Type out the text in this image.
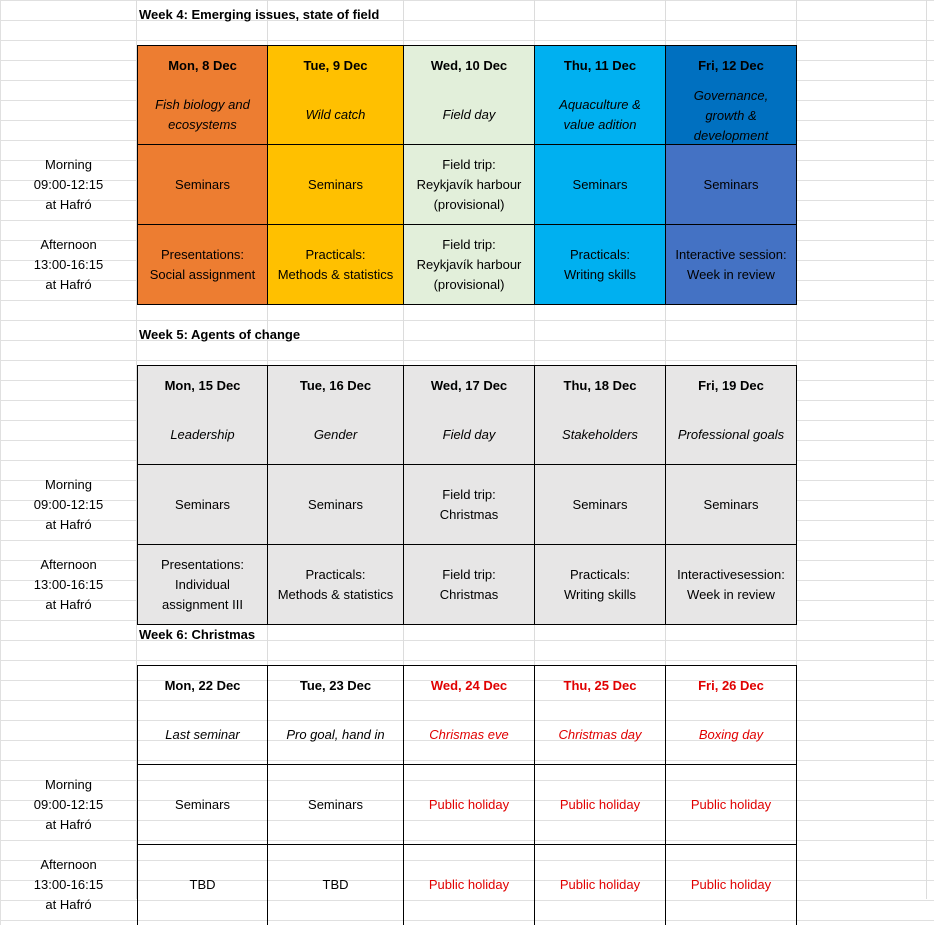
Week 4: Emerging issues, state of field
Morning
09:00-12:15
at Hafró
Afternoon
13:00-16:15
at Hafró
Mon, 8 Dec
Fish biology and
ecosystems
Seminars
Presentations:
Social assignment
Tue, 9 Dec
Wild catch
Seminars
Practicals:
Methods & statistics
Wed, 10 Dec
Field day
Field trip:
Reykjavík harbour
(provisional)
Field trip:
Reykjavík harbour
(provisional)
Thu, 11 Dec
Aquaculture &
value adition
Seminars
Practicals:
Writing skills
Fri, 12 Dec
Governance,
growth &
development
Seminars
Interactive session:
Week in review
Week 5: Agents of change
Morning
09:00-12:15
at Hafró
Afternoon
13:00-16:15
at Hafró
Mon, 15 Dec
Leadership
Seminars
Presentations:
Individual
assignment III
Tue, 16 Dec
Gender
Seminars
Practicals:
Methods & statistics
Wed, 17 Dec
Field day
Field trip:
Christmas
Field trip:
Christmas
Thu, 18 Dec
Stakeholders
Seminars
Practicals:
Writing skills
Fri, 19 Dec
Professional goals
Seminars
Interactivesession:
Week in review
Week 6: Christmas
Morning
09:00-12:15
at Hafró
Afternoon
13:00-16:15
at Hafró
Mon, 22 Dec
Last seminar
Seminars
TBD
Tue, 23 Dec
Pro goal, hand in
Seminars
TBD
Wed, 24 Dec
Chrismas eve
Public holiday
Public holiday
Thu, 25 Dec
Christmas day
Public holiday
Public holiday
Fri, 26 Dec
Boxing day
Public holiday
Public holiday
